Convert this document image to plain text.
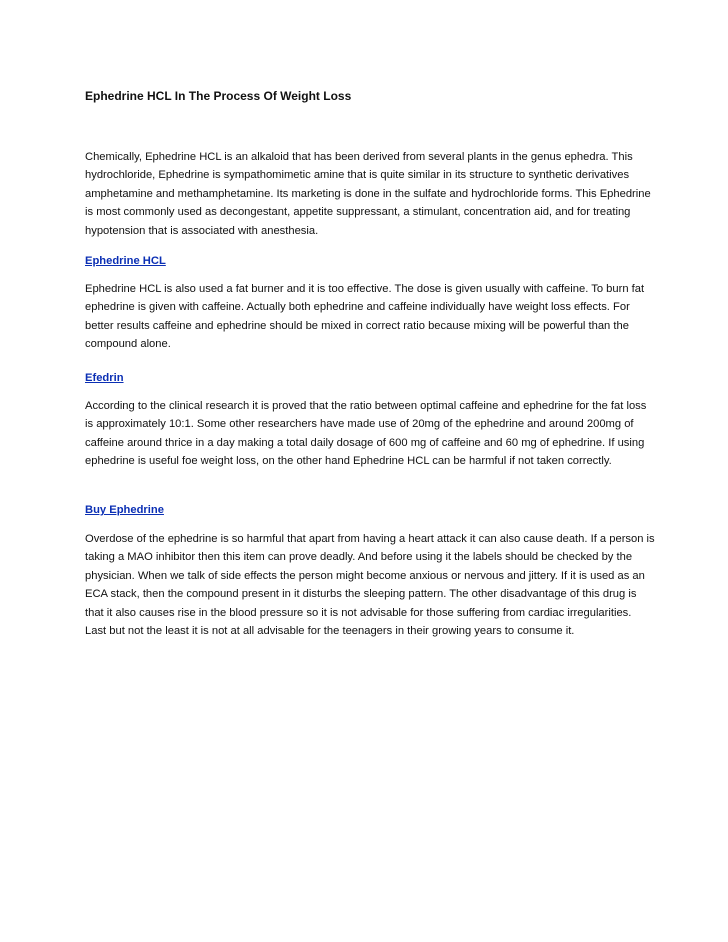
Ephedrine HCL In The Process Of Weight Loss

Chemically, Ephedrine HCL is an alkaloid that has been derived from several plants in the genus ephedra. This hydrochloride, Ephedrine is sympathomimetic amine that is quite similar in its structure to synthetic derivatives amphetamine and methamphetamine. Its marketing is done in the sulfate and hydrochloride forms. This Ephedrine is most commonly used as decongestant, appetite suppressant, a stimulant, concentration aid, and for treating hypotension that is associated with anesthesia.

Ephedrine HCL

Ephedrine HCL is also used a fat burner and it is too effective. The dose is given usually with caffeine. To burn fat ephedrine is given with caffeine. Actually both ephedrine and caffeine individually have weight loss effects. For better results caffeine and ephedrine should be mixed in correct ratio because mixing will be powerful than the compound alone.

Efedrin

According to the clinical research it is proved that the ratio between optimal caffeine and ephedrine for the fat loss is approximately 10:1. Some other researchers have made use of 20mg of the ephedrine and around 200mg of caffeine around thrice in a day making a total daily dosage of 600 mg of caffeine and 60 mg of ephedrine. If using ephedrine is useful foe weight loss, on the other hand Ephedrine HCL can be harmful if not taken correctly.

Buy Ephedrine

Overdose of the ephedrine is so harmful that apart from having a heart attack it can also cause death. If a person is taking a MAO inhibitor then this item can prove deadly. And before using it the labels should be checked by the physician. When we talk of side effects the person might become anxious or nervous and jittery. If it is used as an ECA stack, then the compound present in it disturbs the sleeping pattern. The other disadvantage of this drug is that it also causes rise in the blood pressure so it is not advisable for those suffering from cardiac irregularities. Last but not the least it is not at all advisable for the teenagers in their growing years to consume it.
